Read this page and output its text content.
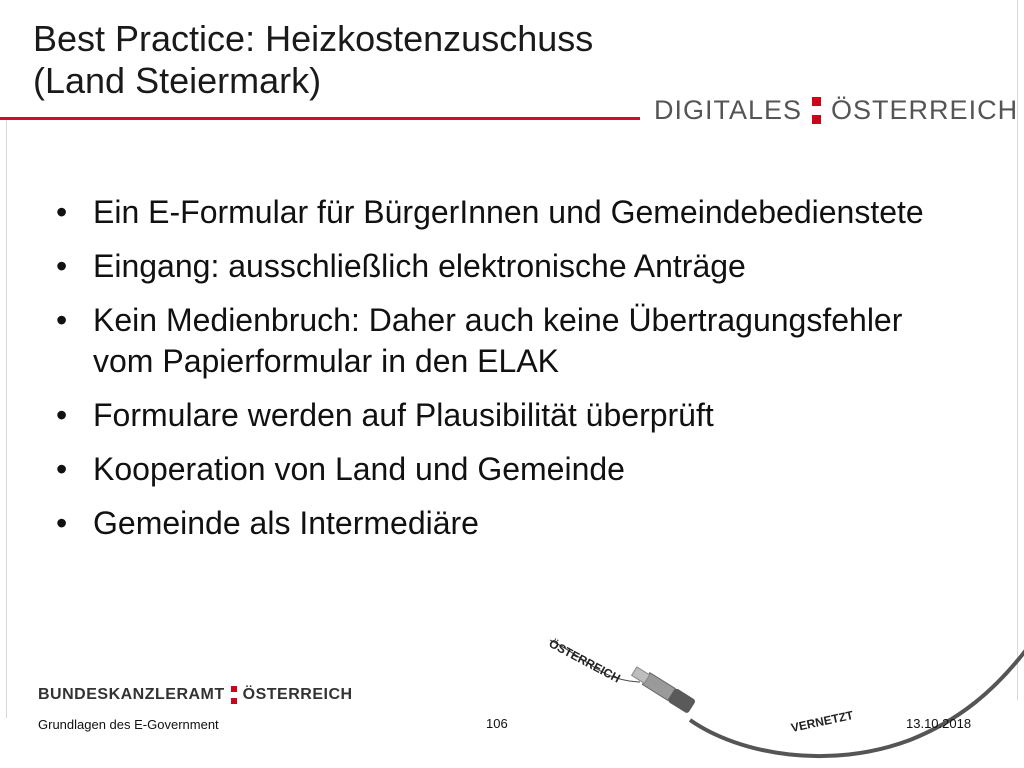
Best Practice: Heizkostenzuschuss
(Land Steiermark)
DIGITALES ÖSTERREICH
• Ein E-Formular für BürgerInnen und Gemeindebedienstete
• Eingang: ausschließlich elektronische Anträge
• Kein Medienbruch: Daher auch keine Übertragungsfehler vom Papierformular in den ELAK
• Formulare werden auf Plausibilität überprüft
• Kooperation von Land und Gemeinde
• Gemeinde als Intermediäre
ÖSTERREICH
VERNETZT
BUNDESKANZLERAMT ÖSTERREICH
Grundlagen des E-Government	106	13.10.2018
